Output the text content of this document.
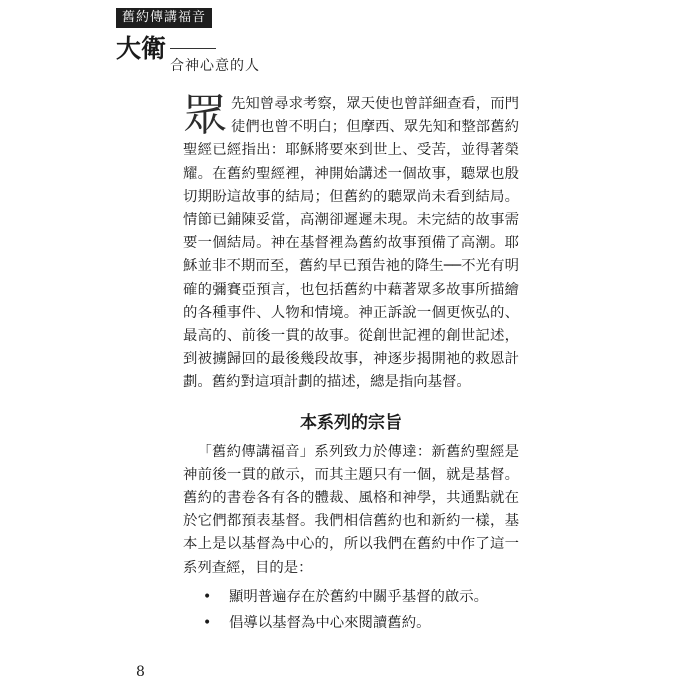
舊約傳講福音
大衛
合神心意的人

眾先知曾尋求考察，眾天使也曾詳細查看，而門徒們也曾不明白；但摩西、眾先知和整部舊約聖經已經指出：耶穌將要來到世上、受苦，並得著榮耀。在舊約聖經裡，神開始講述一個故事，聽眾也殷切期盼這故事的結局；但舊約的聽眾尚未看到結局。情節已鋪陳妥當，高潮卻遲遲未現。未完結的故事需要一個結局。神在基督裡為舊約故事預備了高潮。耶穌並非不期而至，舊約早已預告祂的降生──不光有明確的彌賽亞預言，也包括舊約中藉著眾多故事所描繪的各種事件、人物和情境。神正訴說一個更恢弘的、最高的、前後一貫的故事。從創世記裡的創世記述，到被擄歸回的最後幾段故事，神逐步揭開祂的救恩計劃。舊約對這項計劃的描述，總是指向基督。

本系列的宗旨

「舊約傳講福音」系列致力於傳達：新舊約聖經是神前後一貫的啟示，而其主題只有一個，就是基督。舊約的書卷各有各的體裁、風格和神學，共通點就在於它們都預表基督。我們相信舊約也和新約一樣，基本上是以基督為中心的，所以我們在舊約中作了這一系列查經，目的是：

• 顯明普遍存在於舊約中關乎基督的啟示。
• 倡導以基督為中心來閱讀舊約。
8
